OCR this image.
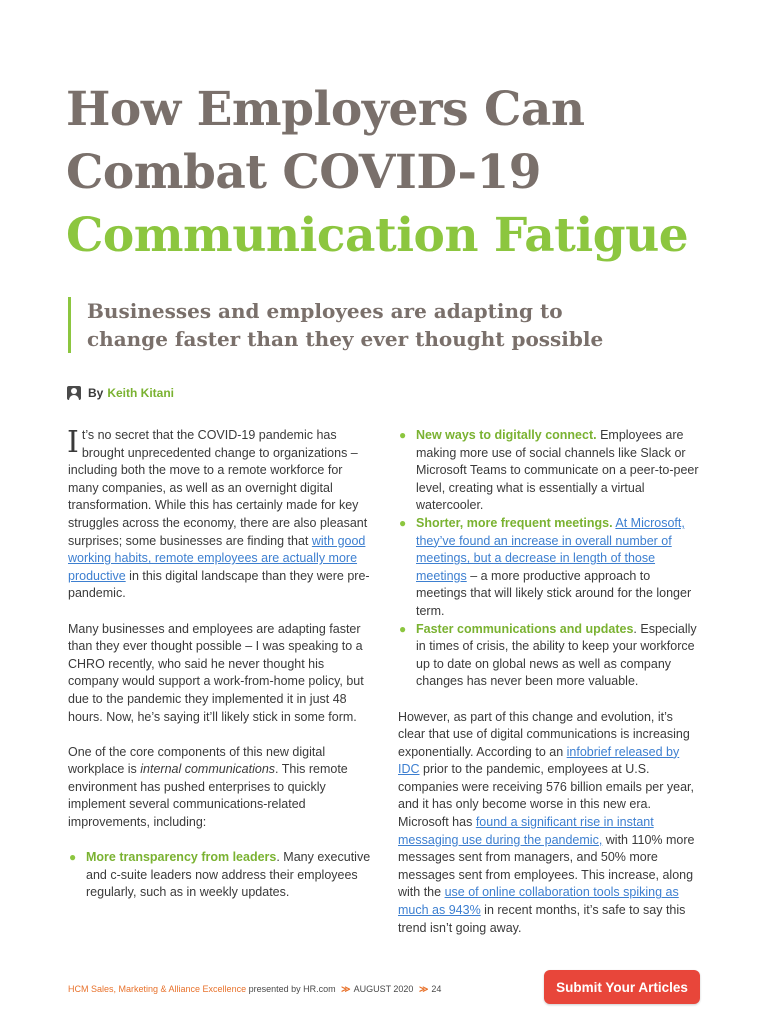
How Employers Can
Combat COVID-19
Communication Fatigue
Businesses and employees are adapting to
change faster than they ever thought possible
By Keith Kitani

It’s no secret that the COVID-19 pandemic has brought unprecedented change to organizations – including both the move to a remote workforce for many companies, as well as an overnight digital transformation. While this has certainly made for key struggles across the economy, there are also pleasant surprises; some businesses are finding that with good working habits, remote employees are actually more productive in this digital landscape than they were pre-pandemic.

Many businesses and employees are adapting faster than they ever thought possible – I was speaking to a CHRO recently, who said he never thought his company would support a work-from-home policy, but due to the pandemic they implemented it in just 48 hours. Now, he’s saying it’ll likely stick in some form.

One of the core components of this new digital workplace is internal communications. This remote environment has pushed enterprises to quickly implement several communications-related improvements, including:

● More transparency from leaders. Many executive and c-suite leaders now address their employees regularly, such as in weekly updates.
● New ways to digitally connect. Employees are making more use of social channels like Slack or Microsoft Teams to communicate on a peer-to-peer level, creating what is essentially a virtual watercooler.
● Shorter, more frequent meetings. At Microsoft, they’ve found an increase in overall number of meetings, but a decrease in length of those meetings – a more productive approach to meetings that will likely stick around for the longer term.
● Faster communications and updates. Especially in times of crisis, the ability to keep your workforce up to date on global news as well as company changes has never been more valuable.

However, as part of this change and evolution, it’s clear that use of digital communications is increasing exponentially. According to an infobrief released by IDC prior to the pandemic, employees at U.S. companies were receiving 576 billion emails per year, and it has only become worse in this new era. Microsoft has found a significant rise in instant messaging use during the pandemic, with 110% more messages sent from managers, and 50% more messages sent from employees. This increase, along with the use of online collaboration tools spiking as much as 943% in recent months, it’s safe to say this trend isn’t going away.

HCM Sales, Marketing & Alliance Excellence presented by HR.com ≫ AUGUST 2020 ≫ 24	Submit Your Articles
